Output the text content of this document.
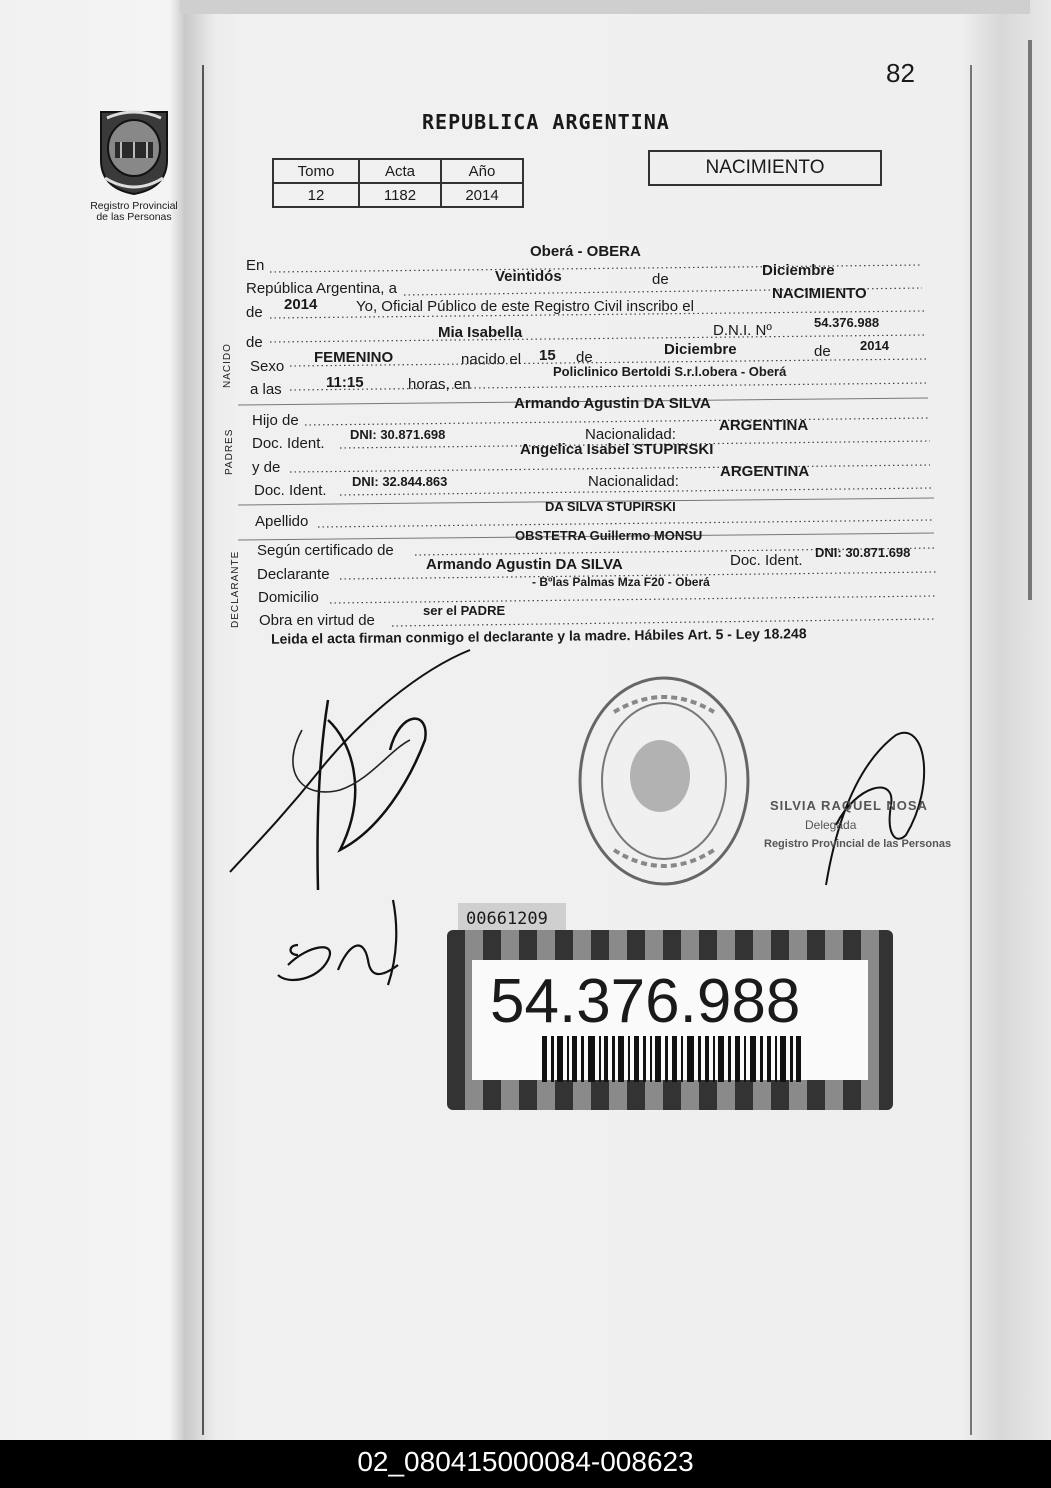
82
Registro Provincial
de las Personas
REPUBLICA ARGENTINA
Tomo	Acta	Año
12	1182	2014
NACIMIENTO
NACIDO
PADRES
DECLARANTE
En
Oberá - OBERA
República Argentina, a
Veintidós	de
Diciembre
de 2014	Yo, Oficial Público de este Registro Civil inscribo el
NACIMIENTO
de
Mia Isabella	D.N.I. Nº	54.376.988
Sexo
FEMENINO	nacido el 15 de	Diciembre	de 2014
a las	11:15	horas, en
Policlinico Bertoldi S.r.l.obera - Oberá
Hijo de
Armando Agustin DA SILVA
Doc. Ident.
DNI: 30.871.698	Nacionalidad:
ARGENTINA
y de
Angelica Isabel STUPIRSKI
Doc. Ident.
DNI: 32.844.863	Nacionalidad:
ARGENTINA
Apellido
DA SILVA STUPIRSKI
Según certificado de
OBSTETRA Guillermo MONSU
Declarante
Armando Agustin DA SILVA	Doc. Ident. DNI: 30.871.698
Domicilio
- Bºlas Palmas Mza F20 - Oberá
Obra en virtud de
ser el PADRE
Leida el acta firman conmigo el declarante y la madre. Hábiles Art. 5 - Ley 18.248
SILVIA RAQUEL NOSA
Delegada
Registro Provincial de las Personas
00661209
54.376.988
02_080415000084-008623
